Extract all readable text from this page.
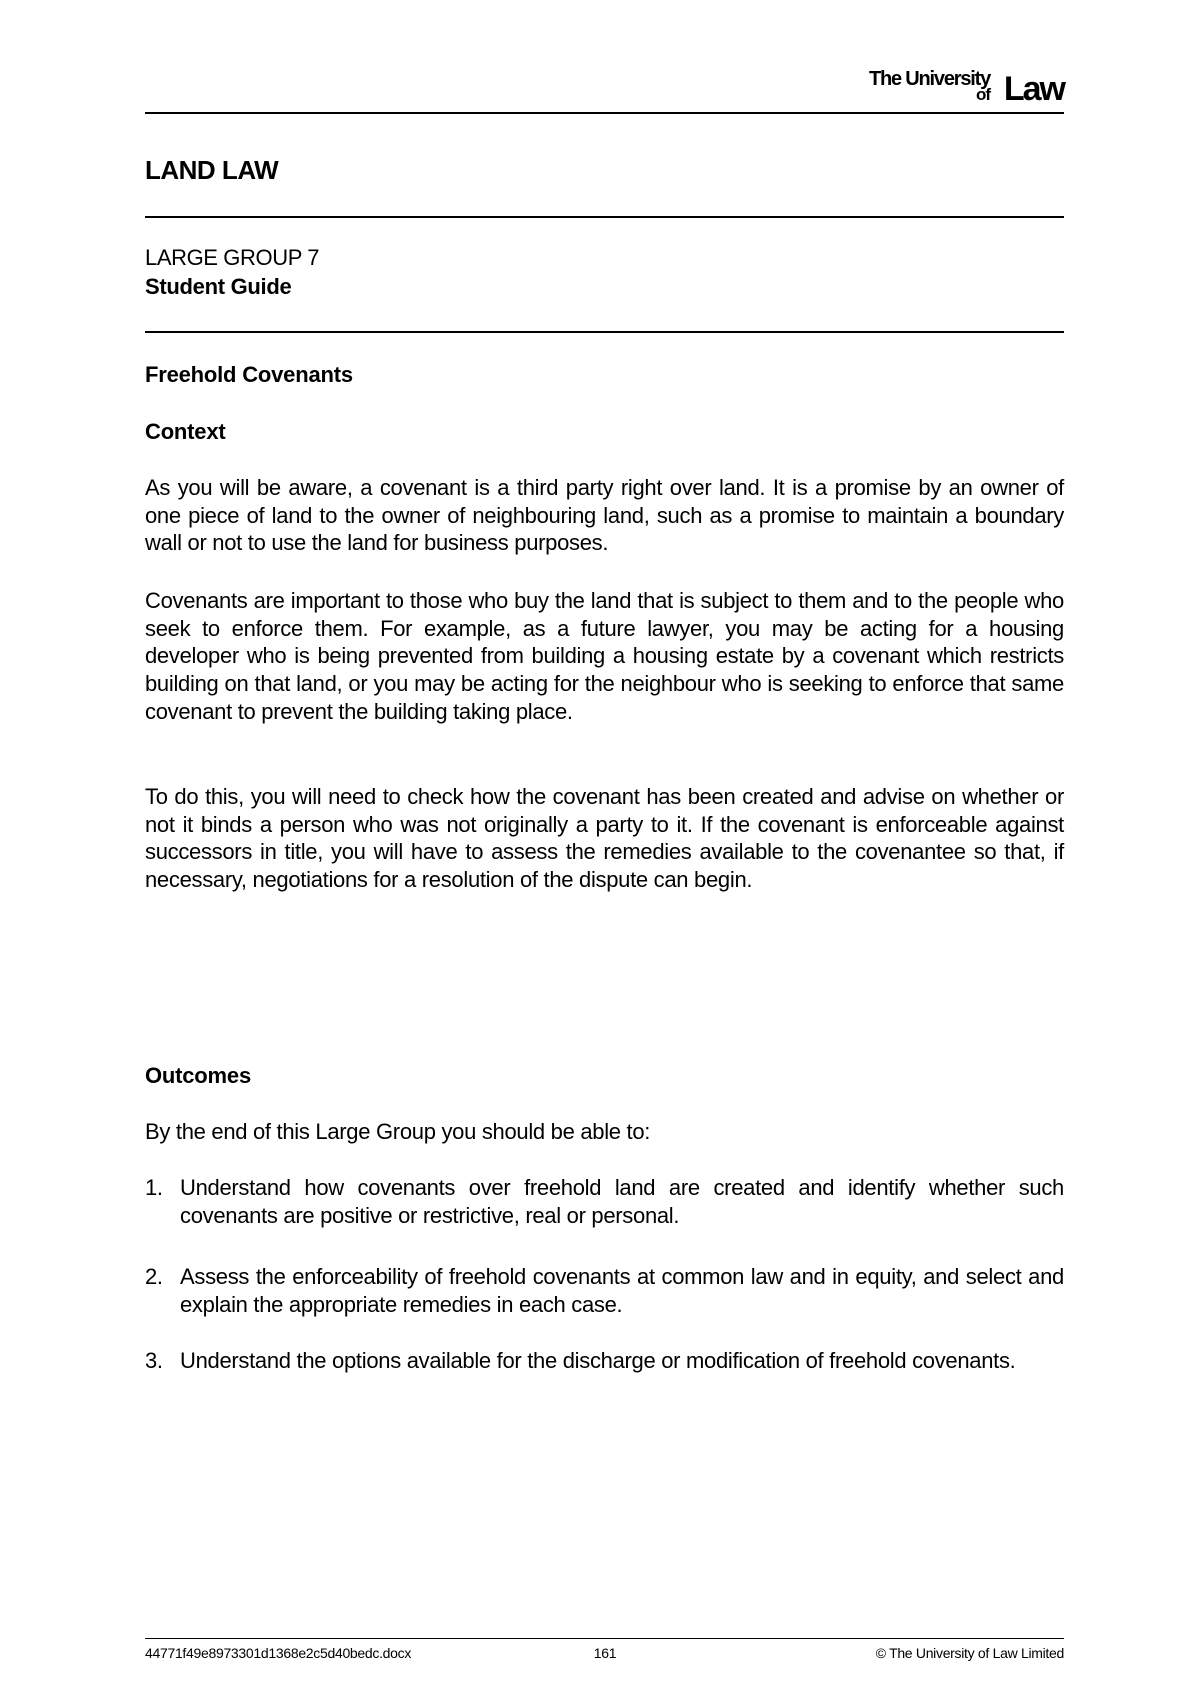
The University
of Law
LAND LAW
LARGE GROUP 7
Student Guide
Freehold Covenants
Context
As you will be aware, a covenant is a third party right over land. It is a promise by an owner of one piece of land to the owner of neighbouring land, such as a promise to maintain a boundary wall or not to use the land for business purposes.
Covenants are important to those who buy the land that is subject to them and to the people who seek to enforce them. For example, as a future lawyer, you may be acting for a housing developer who is being prevented from building a housing estate by a covenant which restricts building on that land, or you may be acting for the neighbour who is seeking to enforce that same covenant to prevent the building taking place.
To do this, you will need to check how the covenant has been created and advise on whether or not it binds a person who was not originally a party to it. If the covenant is enforceable against successors in title, you will have to assess the remedies available to the covenantee so that, if necessary, negotiations for a resolution of the dispute can begin.
Outcomes
By the end of this Large Group you should be able to:
1. Understand how covenants over freehold land are created and identify whether such covenants are positive or restrictive, real or personal.
2. Assess the enforceability of freehold covenants at common law and in equity, and select and explain the appropriate remedies in each case.
3. Understand the options available for the discharge or modification of freehold covenants.
44771f49e8973301d1368e2c5d40bedc.docx	161	© The University of Law Limited
